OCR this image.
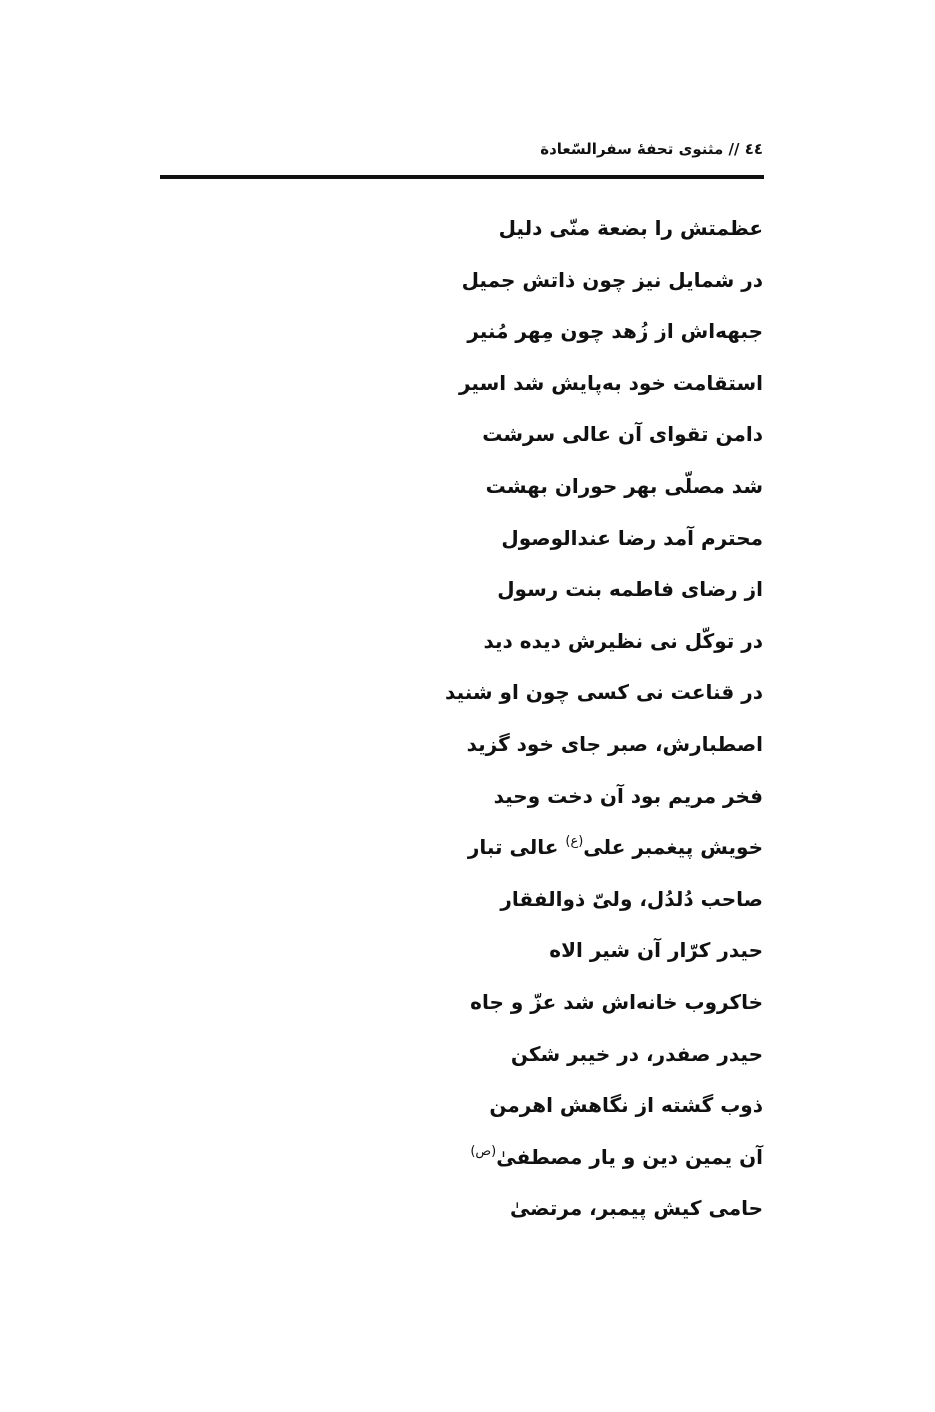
٤٤ // مثنوی تحفهٔ سفرالسّعادة
عظمتش را بضعة منّی دلیل
در شمایل نیز چون ذاتش جمیل
جبهه‌اش از زُهد چون مِهر مُنیر
استقامت خود به‌پایش شد اسیر
دامن تقوای آن عالی سرشت
شد مصلّی بهر حوران بهشت
محترم آمد رضا عندالوصول
از رضای فاطمه بنت رسول
در توکّل نی نظیرش دیده دید
در قناعت نی کسی چون او شنید
اصطبارش، صبر جای خود گزید
فخر مریم بود آن دخت وحید
خویش پیغمبر علی$^{(ع)}$ عالی تبار
صاحب دُلدُل، ولیّ ذوالفقار
حیدر کرّار آن شیر الاه
خاکروب خانه‌اش شد عزّ و جاه
حیدر صفدر، در خیبر شکن
ذوب گشته از نگاهش اهرمن
آن یمین دین و یار مصطفیٰ$^{(ص)}$
حامی کیش پیمبر، مرتضیٰ
